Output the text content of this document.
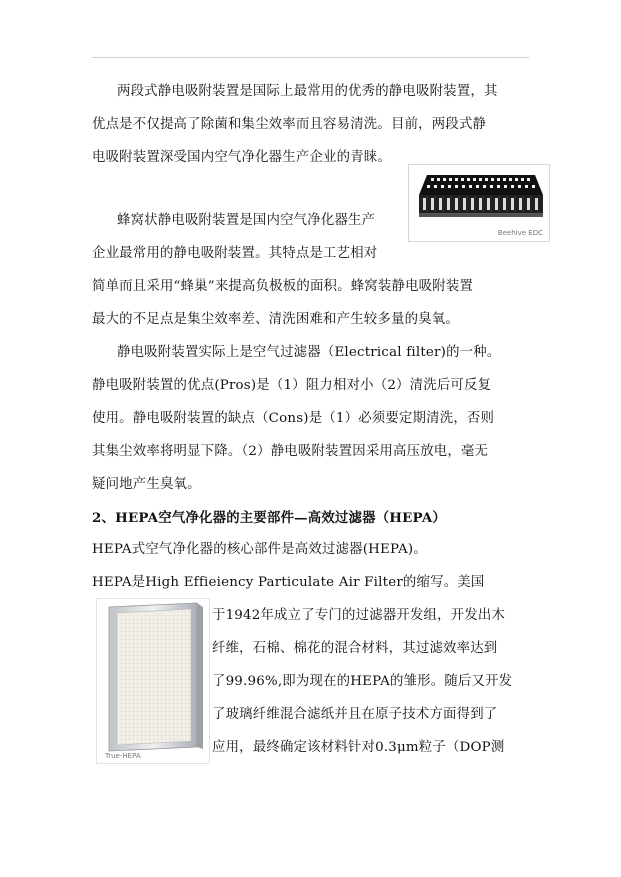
两段式静电吸附装置是国际上最常用的优秀的静电吸附装置，其
优点是不仅提高了除菌和集尘效率而且容易清洗。目前，两段式静
电吸附装置深受国内空气净化器生产企业的青睐。
Beehive EDC
蜂窝状静电吸附装置是国内空气净化器生产
企业最常用的静电吸附装置。其特点是工艺相对
简单而且采用“蜂巢”来提高负极板的面积。蜂窝装静电吸附装置
最大的不足点是集尘效率差、清洗困难和产生较多量的臭氧。
静电吸附装置实际上是空气过滤器（Electrical filter)的一种。
静电吸附装置的优点(Pros)是（1）阻力相对小（2）清洗后可反复
使用。静电吸附装置的缺点（Cons)是（1）必须要定期清洗，否则
其集尘效率将明显下降。（2）静电吸附装置因采用高压放电，毫无
疑问地产生臭氧。
2、HEPA空气净化器的主要部件—高效过滤器（HEPA）
HEPA式空气净化器的核心部件是高效过滤器(HEPA)。
HEPA是High Effieiency Particulate Air Filter的缩写。美国
True-HEPA
于1942年成立了专门的过滤器开发组，开发出木
纤维，石棉、棉花的混合材料，其过滤效率达到
了99.96%,即为现在的HEPA的雏形。随后又开发
了玻璃纤维混合滤纸并且在原子技术方面得到了
应用，最终确定该材料针对0.3μm粒子（DOP测
